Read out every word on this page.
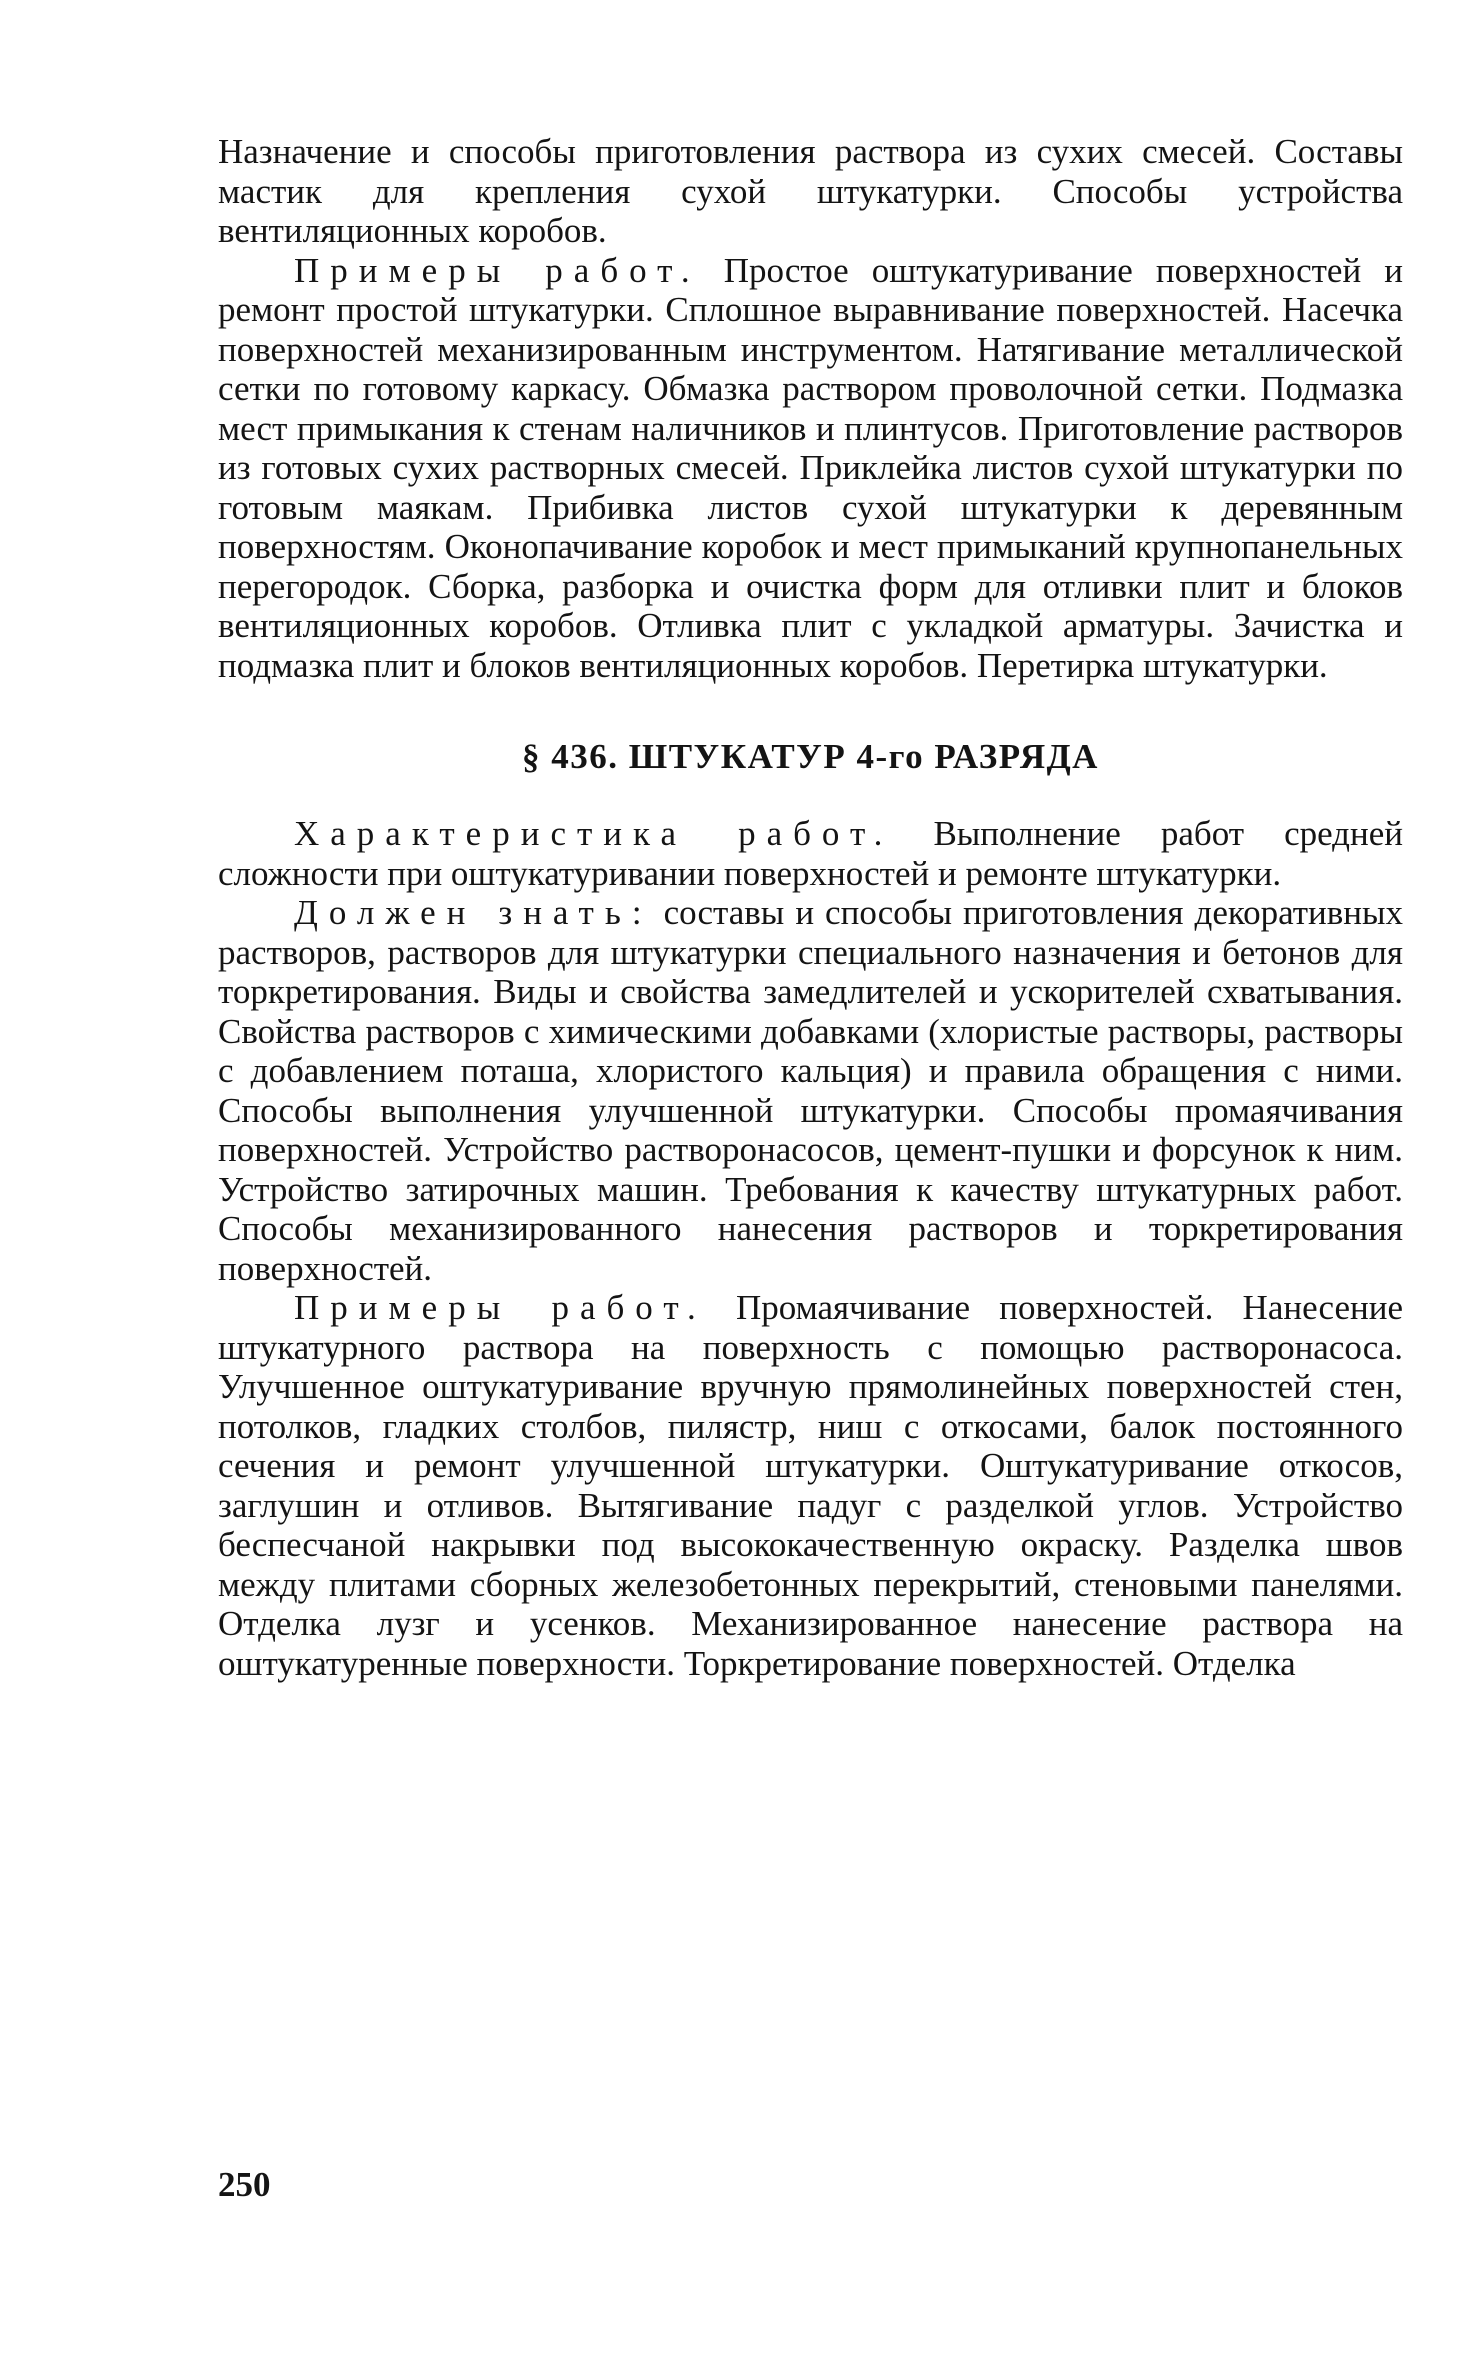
Назначение и способы приготовления раствора из сухих смесей. Составы мастик для крепления сухой штукатурки. Способы устройства вентиляционных коробов.

Примеры работ. Простое оштукатуривание поверхностей и ремонт простой штукатурки. Сплошное выравнивание поверхностей. Насечка поверхностей механизированным инструментом. Натягивание металлической сетки по готовому каркасу. Обмазка раствором проволочной сетки. Подмазка мест примыкания к стенам наличников и плинтусов. Приготовление растворов из готовых сухих растворных смесей. Приклейка листов сухой штукатурки по готовым маякам. Прибивка листов сухой штукатурки к деревянным поверхностям. Оконопачивание коробок и мест примыканий крупнопанельных перегородок. Сборка, разборка и очистка форм для отливки плит и блоков вентиляционных коробов. Отливка плит с укладкой арматуры. Зачистка и подмазка плит и блоков вентиляционных коробов. Перетирка штукатурки.

§ 436. ШТУКАТУР 4-го РАЗРЯДА

Характеристика работ. Выполнение работ средней сложности при оштукатуривании поверхностей и ремонте штукатурки.

Должен знать: составы и способы приготовления декоративных растворов, растворов для штукатурки специального назначения и бетонов для торкретирования. Виды и свойства замедлителей и ускорителей схватывания. Свойства растворов с химическими добавками (хлористые растворы, растворы с добавлением поташа, хлористого кальция) и правила обращения с ними. Способы выполнения улучшенной штукатурки. Способы промаячивания поверхностей. Устройство растворонасосов, цемент-пушки и форсунок к ним. Устройство затирочных машин. Требования к качеству штукатурных работ. Способы механизированного нанесения растворов и торкретирования поверхностей.

Примеры работ. Промаячивание поверхностей. Нанесение штукатурного раствора на поверхность с помощью растворонасоса. Улучшенное оштукатуривание вручную прямолинейных поверхностей стен, потолков, гладких столбов, пилястр, ниш с откосами, балок постоянного сечения и ремонт улучшенной штукатурки. Оштукатуривание откосов, заглушин и отливов. Вытягивание падуг с разделкой углов. Устройство беспесчаной накрывки под высококачественную окраску. Разделка швов между плитами сборных железобетонных перекрытий, стеновыми панелями. Отделка лузг и усенков. Механизированное нанесение раствора на оштукатуренные поверхности. Торкретирование поверхностей. Отделка

250
